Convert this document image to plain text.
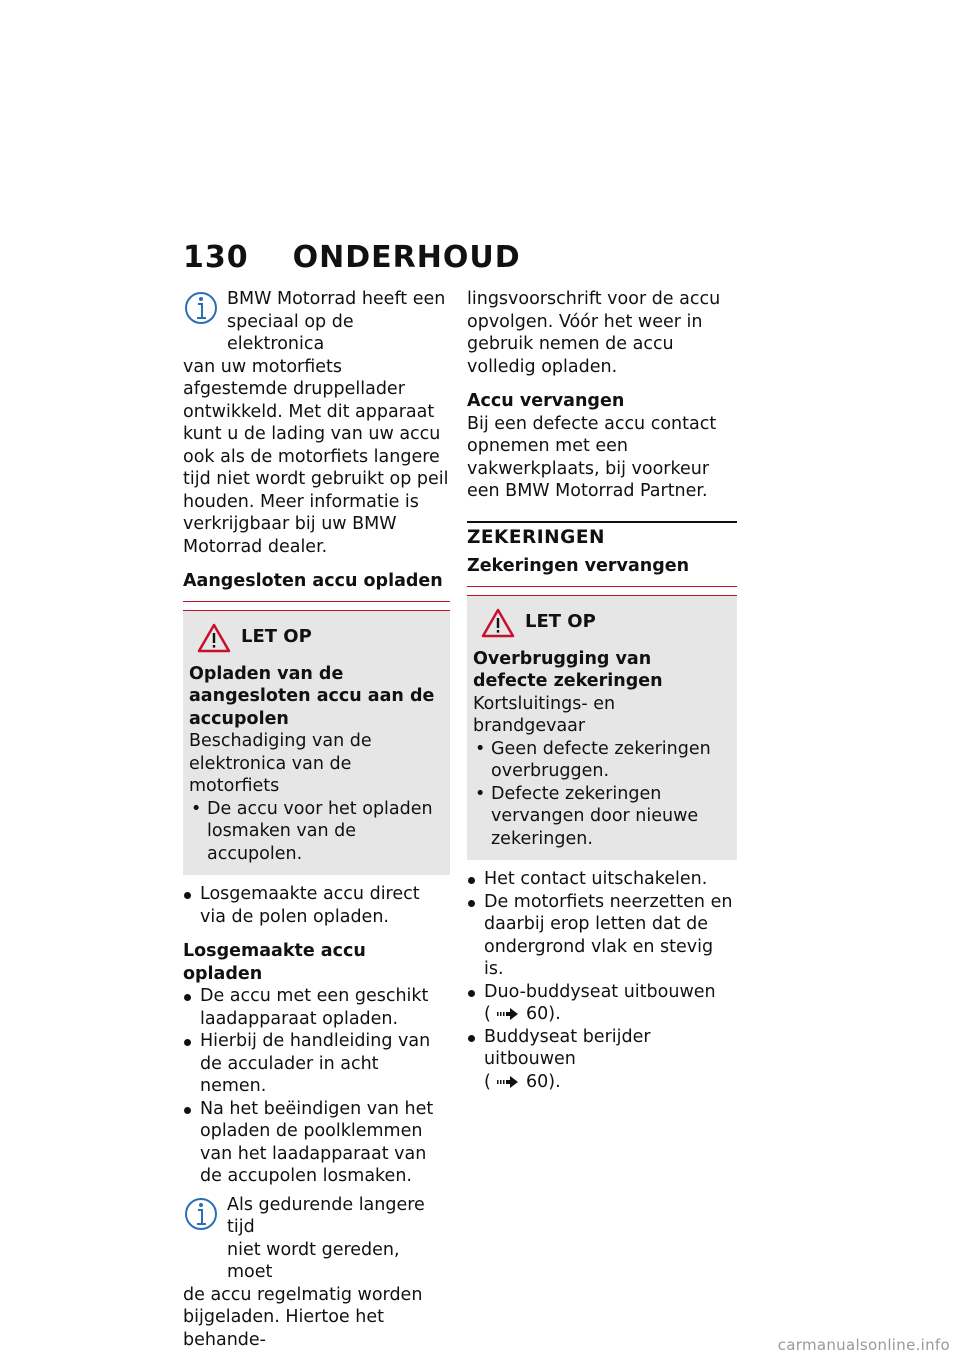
130 ONDERHOUD
BMW Motorrad heeft een
speciaal op de elektronica

van uw motorfiets afgestemde druppellader ontwikkeld. Met dit apparaat kunt u de lading van uw accu ook als de motorfiets langere tijd niet wordt gebruikt op peil houden. Meer informatie is verkrijgbaar bij uw BMW Motorrad dealer.

Aangesloten accu opladen
LET OP
Opladen van de aangesloten accu aan de accupolen
Beschadiging van de elektronica van de motorfiets
• De accu voor het opladen losmaken van de accupolen.
Losgemaakte accu direct via de polen opladen.
Losgemaakte accu opladen
De accu met een geschikt laadapparaat opladen.
Hierbij de handleiding van de acculader in acht nemen.
Na het beëindigen van het opladen de poolklemmen van het laadapparaat van de accupolen losmaken.
Als gedurende langere tijd
niet wordt gereden, moet

de accu regelmatig worden bijgeladen. Hiertoe het behande-

lingsvoorschrift voor de accu opvolgen. Vóór het weer in gebruik nemen de accu volledig opladen.

Accu vervangen

Bij een defecte accu contact opnemen met een vakwerkplaats, bij voorkeur een BMW Motorrad Partner.

ZEKERINGEN
Zekeringen vervangen
LET OP
Overbrugging van defecte zekeringen
Kortsluitings- en brandgevaar
• Geen defecte zekeringen overbruggen.
• Defecte zekeringen vervangen door nieuwe zekeringen.
Het contact uitschakelen.
De motorfiets neerzetten en daarbij erop letten dat de ondergrond vlak en stevig is.
Duo-buddyseat uitbouwen
( 60).
Buddyseat berijder uitbouwen
( 60).
carmanualsonline.info
